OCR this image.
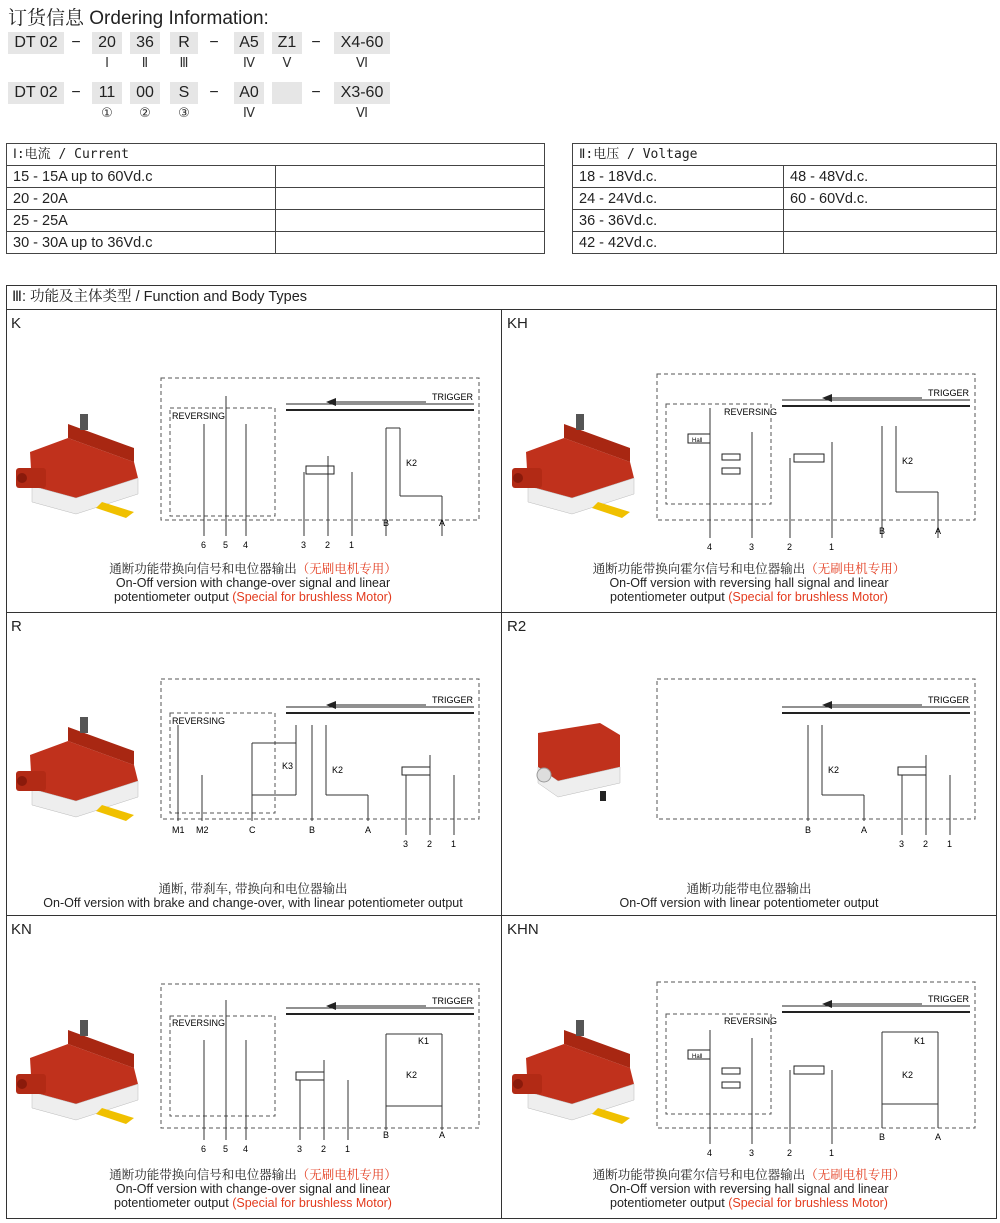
订货信息 Ordering Information:
DT 02 −	20	36	R	−	A5	Z1 −	X4-60
Ⅰ	Ⅱ	Ⅲ	Ⅳ	Ⅴ	Ⅵ
DT 02 −	11	00	S	−	A0	−	X3-60
①	②	③	Ⅳ	Ⅵ
Ⅰ:电流 / Current	
15 - 15A up to 60Vd.c	
20 - 20A	
25 - 25A	
30 - 30A up to 36Vd.c	
Ⅱ:电压 / Voltage	
18 - 18Vd.c.	48 - 48Vd.c.
24 - 24Vd.c.	60 - 60Vd.c.
36 - 36Vd.c.	
42 - 42Vd.c.	
Ⅲ: 功能及主体类型 / Function and Body Types
K
REVERSING
TRIGGER
K2
6 5 4	3 2 1
B	A
通断功能带换向信号和电位器输出（无刷电机专用）
On-Off version with change-over signal and linear
potentiometer output (Special for brushless Motor)
KH
REVERSING
TRIGGER
Hall
K2
4	3	2	1
B	A
通断功能带换向霍尔信号和电位器输出（无刷电机专用）
On-Off version with reversing hall signal and linear
potentiometer output (Special for brushless Motor)
R
REVERSING
TRIGGER
K3	K2
M1 M2	C	B	A
3 2 1
通断, 带刹车, 带换向和电位器输出
On-Off version with brake and change-over, with linear potentiometer output
R2
TRIGGER
K2
B	A
3 2 1
通断功能带电位器输出
On-Off version with linear potentiometer output
KN
REVERSING
TRIGGER
K1
K2
6 5 4	3 2 1
B	A
通断功能带换向信号和电位器输出（无刷电机专用）
On-Off version with change-over signal and linear
potentiometer output (Special for brushless Motor)
KHN
REVERSING
TRIGGER
Hall
K1
K2
4	3	2	1
B	A
通断功能带换向霍尔信号和电位器输出（无刷电机专用）
On-Off version with reversing hall signal and linear
potentiometer output (Special for brushless Motor)
